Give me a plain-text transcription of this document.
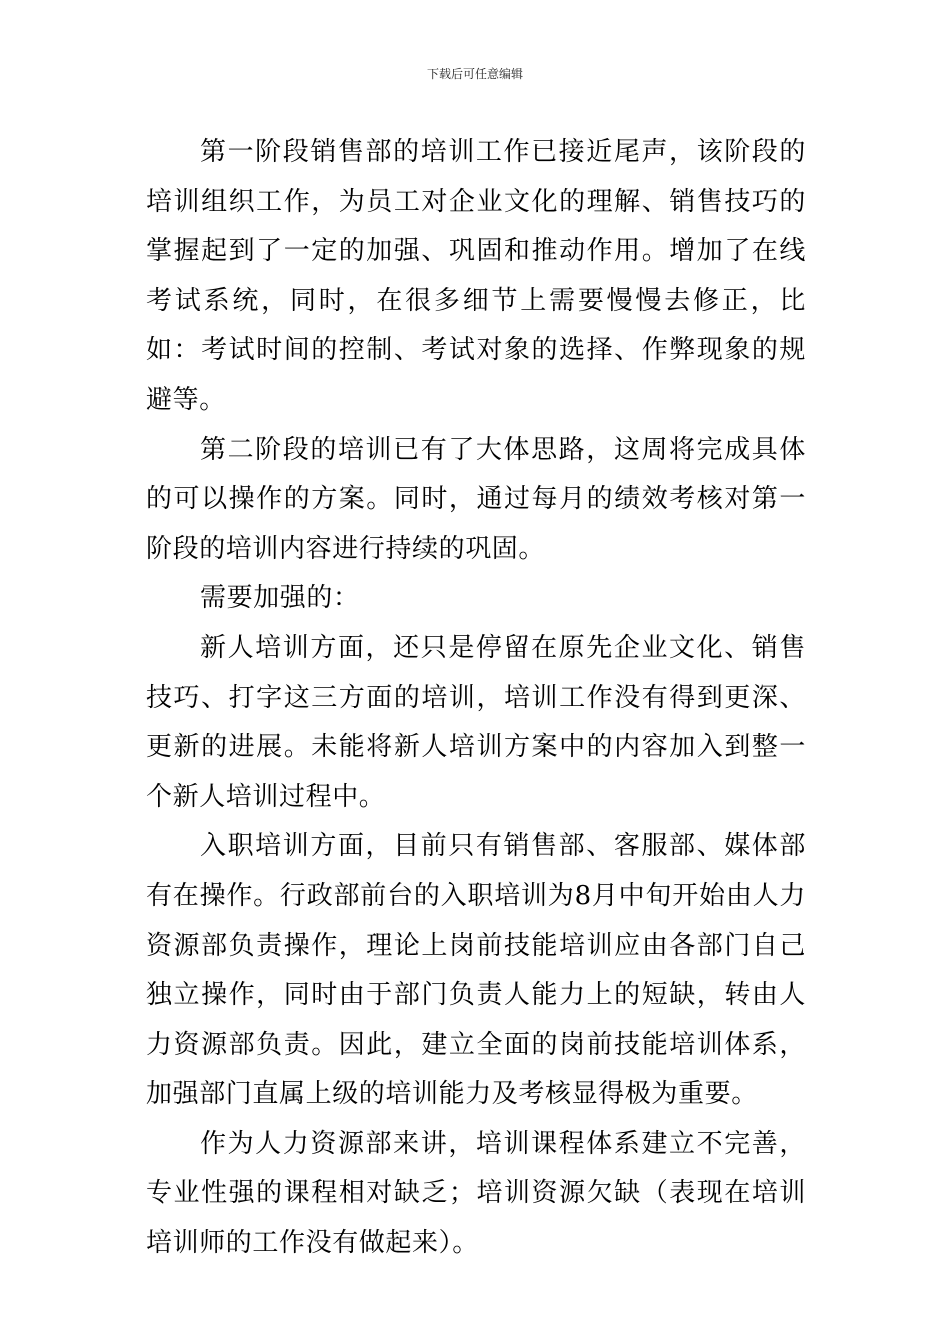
下载后可任意编辑

第一阶段销售部的培训工作已接近尾声，该阶段的培训组织工作，为员工对企业文化的理解、销售技巧的掌握起到了一定的加强、巩固和推动作用。增加了在线考试系统，同时，在很多细节上需要慢慢去修正，比如：考试时间的控制、考试对象的选择、作弊现象的规避等。

第二阶段的培训已有了大体思路，这周将完成具体的可以操作的方案。同时，通过每月的绩效考核对第一阶段的培训内容进行持续的巩固。

需要加强的：

新人培训方面，还只是停留在原先企业文化、销售技巧、打字这三方面的培训，培训工作没有得到更深、更新的进展。未能将新人培训方案中的内容加入到整一个新人培训过程中。

入职培训方面，目前只有销售部、客服部、媒体部有在操作。行政部前台的入职培训为8月中旬开始由人力资源部负责操作，理论上岗前技能培训应由各部门自己独立操作，同时由于部门负责人能力上的短缺，转由人力资源部负责。因此，建立全面的岗前技能培训体系，加强部门直属上级的培训能力及考核显得极为重要。

作为人力资源部来讲，培训课程体系建立不完善，专业性强的课程相对缺乏；培训资源欠缺（表现在培训培训师的工作没有做起来）。
